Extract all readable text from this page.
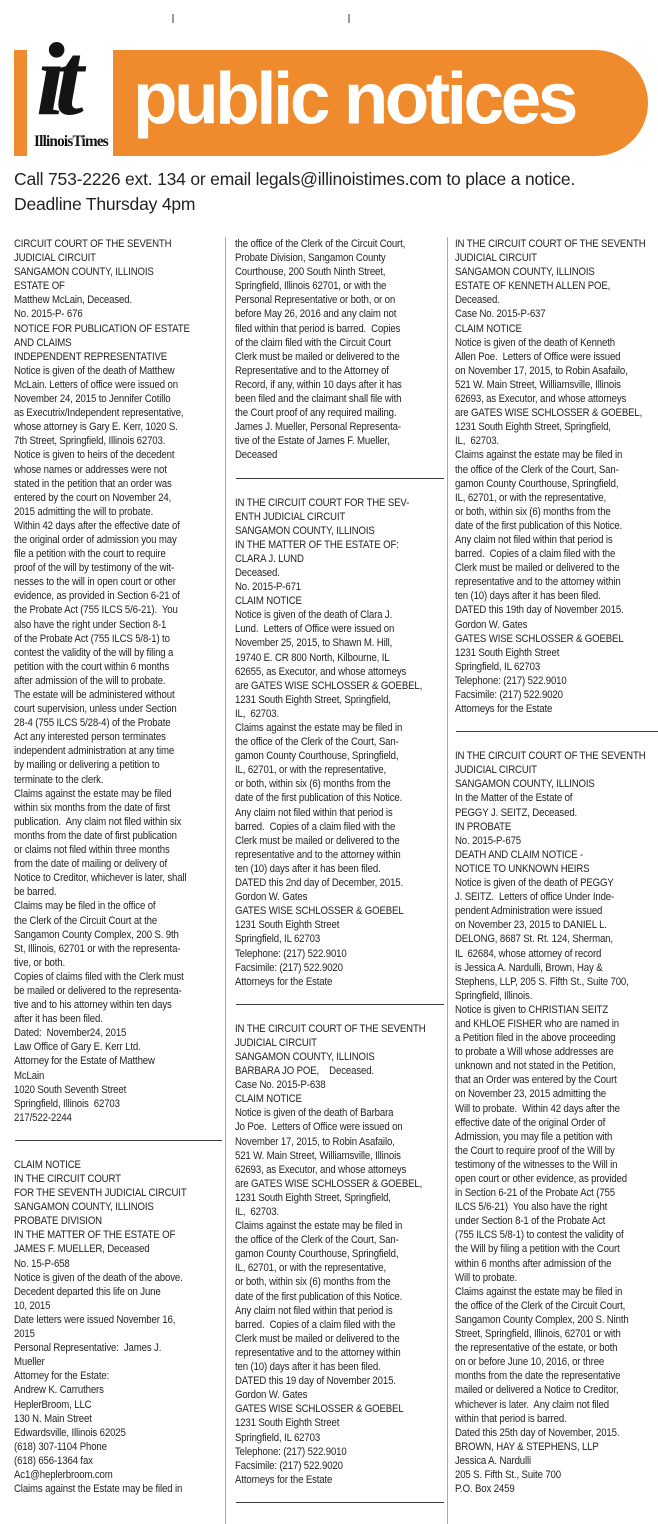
it
IllinoisTimes
public notices
Call 753-2226 ext. 134 or email legals@illinoistimes.com to place a notice.
Deadline Thursday 4pm
CIRCUIT COURT OF THE SEVENTH
JUDICIAL CIRCUIT
SANGAMON COUNTY, ILLINOIS
ESTATE OF
Matthew McLain, Deceased.
No. 2015-P- 676
NOTICE FOR PUBLICATION OF ESTATE
AND CLAIMS
INDEPENDENT REPRESENTATIVE
Notice is given of the death of Matthew
McLain. Letters of office were issued on
November 24, 2015 to Jennifer Cotillo
as Executrix/Independent representative,
whose attorney is Gary E. Kerr, 1020 S.
7th Street, Springfield, Illinois 62703.
Notice is given to heirs of the decedent
whose names or addresses were not
stated in the petition that an order was
entered by the court on November 24,
2015 admitting the will to probate.
Within 42 days after the effective date of
the original order of admission you may
file a petition with the court to require
proof of the will by testimony of the wit-
nesses to the will in open court or other
evidence, as provided in Section 6-21 of
the Probate Act (755 ILCS 5/6-21).  You
also have the right under Section 8-1
of the Probate Act (755 ILCS 5/8-1) to
contest the validity of the will by filing a
petition with the court within 6 months
after admission of the will to probate.
The estate will be administered without
court supervision, unless under Section
28-4 (755 ILCS 5/28-4) of the Probate
Act any interested person terminates
independent administration at any time
by mailing or delivering a petition to
terminate to the clerk.
Claims against the estate may be filed
within six months from the date of first
publication.  Any claim not filed within six
months from the date of first publication
or claims not filed within three months
from the date of mailing or delivery of
Notice to Creditor, whichever is later, shall
be barred.
Claims may be filed in the office of
the Clerk of the Circuit Court at the
Sangamon County Complex, 200 S. 9th
St, Illinois, 62701 or with the representa-
tive, or both.
Copies of claims filed with the Clerk must
be mailed or delivered to the representa-
tive and to his attorney within ten days
after it has been filed.
Dated:  November24, 2015
Law Office of Gary E. Kerr Ltd.
Attorney for the Estate of Matthew
McLain
1020 South Seventh Street
Springfield, Illinois  62703
217/522-2244
CLAIM NOTICE
IN THE CIRCUIT COURT
FOR THE SEVENTH JUDICIAL CIRCUIT
SANGAMON COUNTY, ILLINOIS
PROBATE DIVISION
IN THE MATTER OF THE ESTATE OF
JAMES F. MUELLER, Deceased
No. 15-P-658
Notice is given of the death of the above.
Decedent departed this life on June
10, 2015
Date letters were issued November 16,
2015
Personal Representative:  James J.
Mueller
Attorney for the Estate:
Andrew K. Carruthers
HeplerBroom, LLC
130 N. Main Street
Edwardsville, Illinois 62025
(618) 307-1104 Phone
(618) 656-1364 fax
Ac1@heplerbroom.com
Claims against the Estate may be filed in
the office of the Clerk of the Circuit Court,
Probate Division, Sangamon County
Courthouse, 200 South Ninth Street,
Springfield, Illinois 62701, or with the
Personal Representative or both, or on
before May 26, 2016 and any claim not
filed within that period is barred.  Copies
of the claim filed with the Circuit Court
Clerk must be mailed or delivered to the
Representative and to the Attorney of
Record, if any, within 10 days after it has
been filed and the claimant shall file with
the Court proof of any required mailing.
James J. Mueller, Personal Representa-
tive of the Estate of James F. Mueller,
Deceased
IN THE CIRCUIT COURT FOR THE SEV-
ENTH JUDICIAL CIRCUIT
SANGAMON COUNTY, ILLINOIS
IN THE MATTER OF THE ESTATE OF:
CLARA J. LUND
Deceased.
No. 2015-P-671
CLAIM NOTICE
Notice is given of the death of Clara J.
Lund.  Letters of Office were issued on
November 25, 2015, to Shawn M. Hill,
19740 E. CR 800 North, Kilbourne, IL
62655, as Executor, and whose attorneys
are GATES WISE SCHLOSSER & GOEBEL,
1231 South Eighth Street, Springfield,
IL,  62703.
Claims against the estate may be filed in
the office of the Clerk of the Court, San-
gamon County Courthouse, Springfield,
IL, 62701, or with the representative,
or both, within six (6) months from the
date of the first publication of this Notice.
Any claim not filed within that period is
barred.  Copies of a claim filed with the
Clerk must be mailed or delivered to the
representative and to the attorney within
ten (10) days after it has been filed.
DATED this 2nd day of December, 2015.
Gordon W. Gates
GATES WISE SCHLOSSER & GOEBEL
1231 South Eighth Street
Springfield, IL 62703
Telephone: (217) 522.9010
Facsimile: (217) 522.9020
Attorneys for the Estate
IN THE CIRCUIT COURT OF THE SEVENTH
JUDICIAL CIRCUIT
SANGAMON COUNTY, ILLINOIS
BARBARA JO POE,    Deceased.
Case No. 2015-P-638
CLAIM NOTICE
Notice is given of the death of Barbara
Jo Poe.  Letters of Office were issued on
November 17, 2015, to Robin Asafailo,
521 W. Main Street, Williamsville, Illinois
62693, as Executor, and whose attorneys
are GATES WISE SCHLOSSER & GOEBEL,
1231 South Eighth Street, Springfield,
IL,  62703.
Claims against the estate may be filed in
the office of the Clerk of the Court, San-
gamon County Courthouse, Springfield,
IL, 62701, or with the representative,
or both, within six (6) months from the
date of the first publication of this Notice.
Any claim not filed within that period is
barred.  Copies of a claim filed with the
Clerk must be mailed or delivered to the
representative and to the attorney within
ten (10) days after it has been filed.
DATED this 19 day of November 2015.
Gordon W. Gates
GATES WISE SCHLOSSER & GOEBEL
1231 South Eighth Street
Springfield, IL 62703
Telephone: (217) 522.9010
Facsimile: (217) 522.9020
Attorneys for the Estate
IN THE CIRCUIT COURT OF THE SEVENTH
JUDICIAL CIRCUIT
SANGAMON COUNTY, ILLINOIS
ESTATE OF KENNETH ALLEN POE,
Deceased.
Case No. 2015-P-637
CLAIM NOTICE
Notice is given of the death of Kenneth
Allen Poe.  Letters of Office were issued
on November 17, 2015, to Robin Asafailo,
521 W. Main Street, Williamsville, Illinois
62693, as Executor, and whose attorneys
are GATES WISE SCHLOSSER & GOEBEL,
1231 South Eighth Street, Springfield,
IL,  62703.
Claims against the estate may be filed in
the office of the Clerk of the Court, San-
gamon County Courthouse, Springfield,
IL, 62701, or with the representative,
or both, within six (6) months from the
date of the first publication of this Notice.
Any claim not filed within that period is
barred.  Copies of a claim filed with the
Clerk must be mailed or delivered to the
representative and to the attorney within
ten (10) days after it has been filed.
DATED this 19th day of November 2015.
Gordon W. Gates
GATES WISE SCHLOSSER & GOEBEL
1231 South Eighth Street
Springfield, IL 62703
Telephone: (217) 522.9010
Facsimile: (217) 522.9020
Attorneys for the Estate
IN THE CIRCUIT COURT OF THE SEVENTH
JUDICIAL CIRCUIT
SANGAMON COUNTY, ILLINOIS
In the Matter of the Estate of
PEGGY J. SEITZ, Deceased.
IN PROBATE
No. 2015-P-675
DEATH AND CLAIM NOTICE -
NOTICE TO UNKNOWN HEIRS
Notice is given of the death of PEGGY
J. SEITZ.  Letters of office Under Inde-
pendent Administration were issued
on November 23, 2015 to DANIEL L.
DELONG, 8687 St. Rt. 124, Sherman,
IL  62684, whose attorney of record
is Jessica A. Nardulli, Brown, Hay &
Stephens, LLP, 205 S. Fifth St., Suite 700,
Springfield, Illinois.
Notice is given to CHRISTIAN SEITZ
and KHLOE FISHER who are named in
a Petition filed in the above proceeding
to probate a Will whose addresses are
unknown and not stated in the Petition,
that an Order was entered by the Court
on November 23, 2015 admitting the
Will to probate.  Within 42 days after the
effective date of the original Order of
Admission, you may file a petition with
the Court to require proof of the Will by
testimony of the witnesses to the Will in
open court or other evidence, as provided
in Section 6-21 of the Probate Act (755
ILCS 5/6-21)  You also have the right
under Section 8-1 of the Probate Act
(755 ILCS 5/8-1) to contest the validity of
the Will by filing a petition with the Court
within 6 months after admission of the
Will to probate.
Claims against the estate may be filed in
the office of the Clerk of the Circuit Court,
Sangamon County Complex, 200 S. Ninth
Street, Springfield, Illinois, 62701 or with
the representative of the estate, or both
on or before June 10, 2016, or three
months from the date the representative
mailed or delivered a Notice to Creditor,
whichever is later.  Any claim not filed
within that period is barred.
Dated this 25th day of November, 2015.
BROWN, HAY & STEPHENS, LLP
Jessica A. Nardulli
205 S. Fifth St., Suite 700
P.O. Box 2459
